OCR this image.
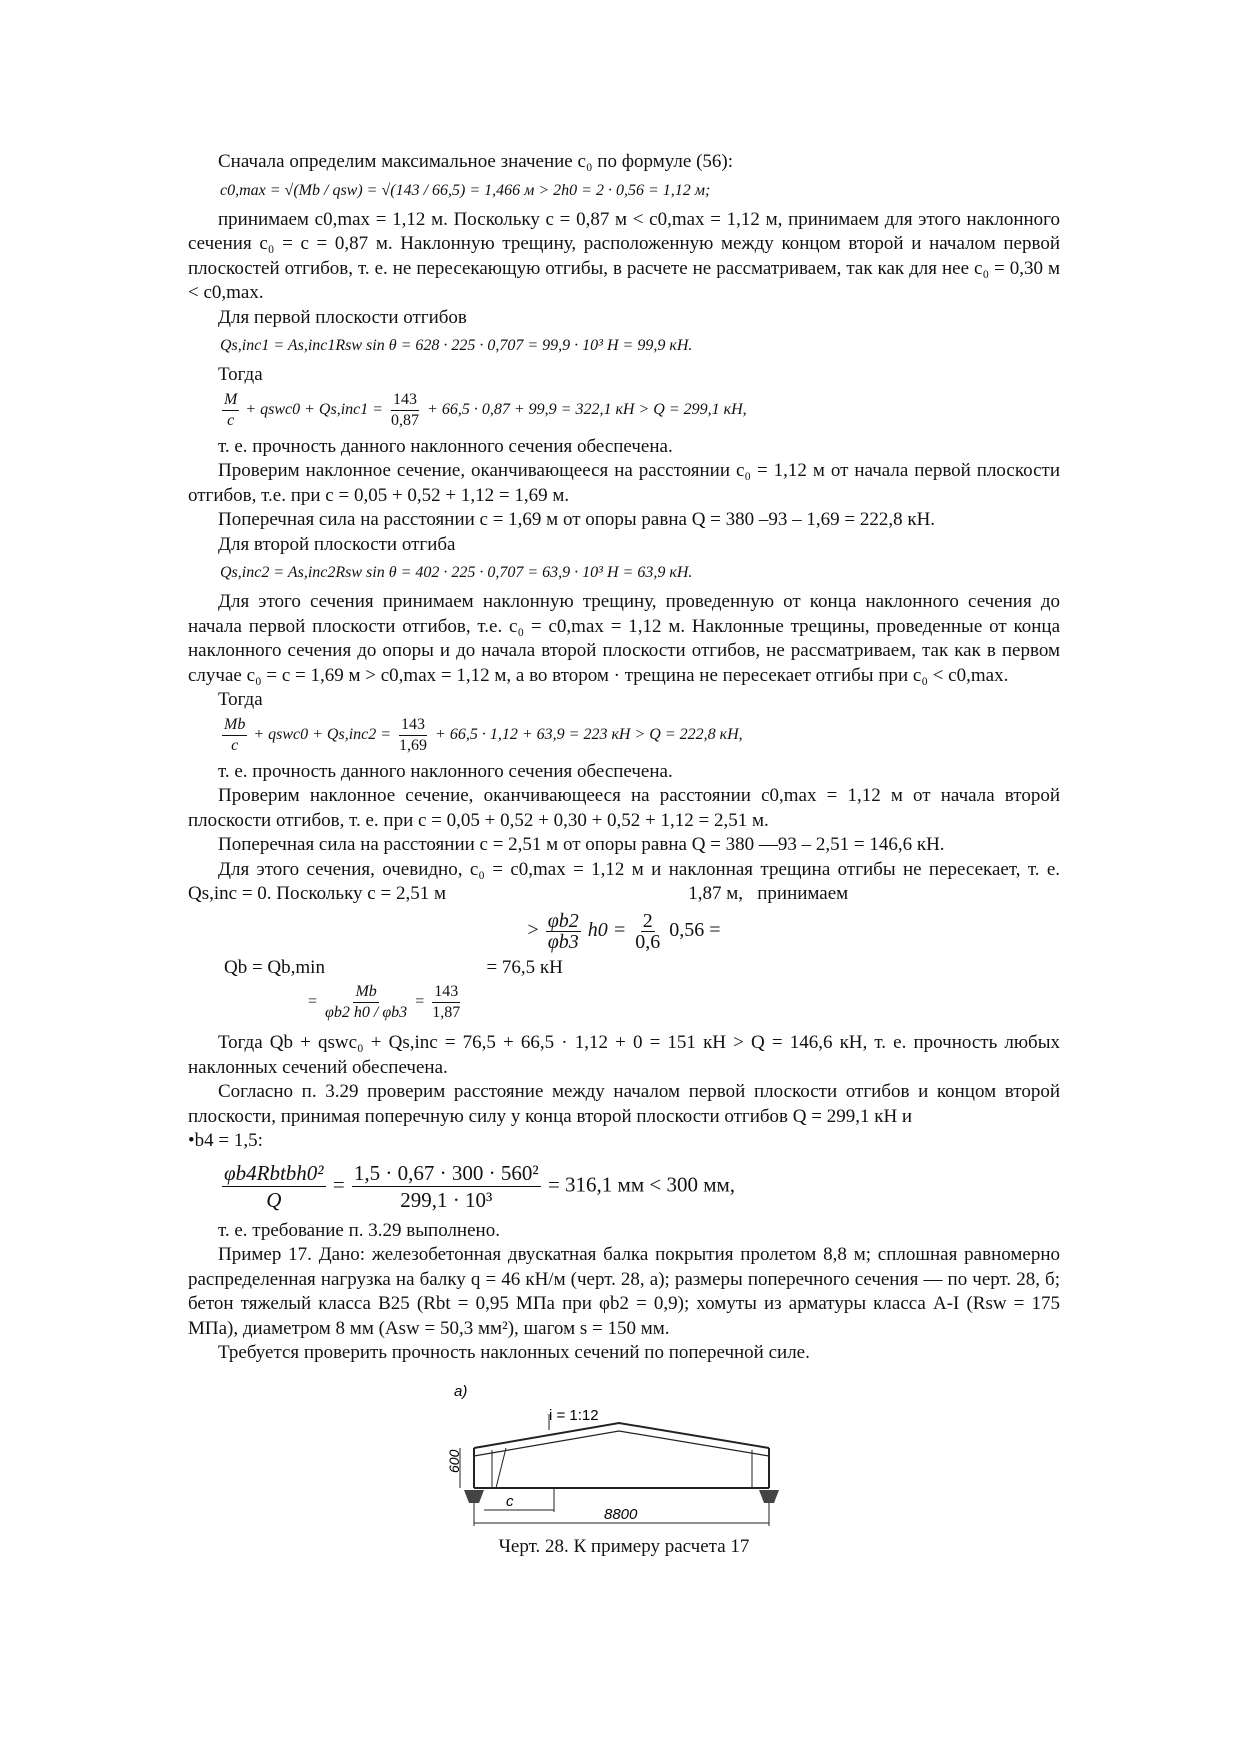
Сначала определим максимальное значение c₀ по формуле (56):

c0,max = √(Mb / qsw) = √(143 / 66,5) = 1,466 м > 2h0 = 2 · 0,56 = 1,12 м;

принимаем c0,max = 1,12 м. Поскольку c = 0,87 м < c0,max = 1,12 м, принимаем для этого наклонного сечения c₀ = c = 0,87 м. Наклонную трещину, расположенную между концом второй и началом первой плоскостей отгибов, т. е. не пересекающую отгибы, в расчете не рассматриваем, так как для нее c₀ = 0,30 м < c0,max.

Для первой плоскости отгибов

Qs,inc1 = As,inc1Rsw sin θ = 628 · 225 · 0,707 = 99,9 · 10³ Н = 99,9 кН.

Тогда

$\frac{M}{c}$ + qswc0 + $Qs,inc1 = \frac{143}{0,87} + 66,5 \cdot 0,87 + 99,9 = 322,1$ кН > Q = 299,1 кН,

т. е. прочность данного наклонного сечения обеспечена.

Проверим наклонное сечение, оканчивающееся на расстоянии c₀ = 1,12 м от начала первой плоскости отгибов, т.е. при c = 0,05 + 0,52 + 1,12 = 1,69 м.

Поперечная сила на расстоянии c = 1,69 м от опоры равна Q = 380 –93 – 1,69 = 222,8 кН.

Для второй плоскости отгиба

Qs,inc2 = As,inc2Rsw sin θ = 402 · 225 · 0,707 = 63,9 · 10³ Н = 63,9 кН.

Для этого сечения принимаем наклонную трещину, проведенную от конца наклонного сечения до начала первой плоскости отгибов, т.е. c₀ = c0,max = 1,12 м. Наклонные трещины, проведенные от конца наклонного сечения до опоры и до начала второй плоскости отгибов, не рассматриваем, так как в первом случае c₀ = c = 1,69 м > c0,max = 1,12 м, а во втором · трещина не пересекает отгибы при c₀ < c0,max.

Тогда

$\frac{Mb}{c}$ + qswc0 + $Qs,inc2 = \frac{143}{1,69} + 66,5 \cdot 1,12 + 63,9 = 223$ кН > Q = 222,8 кН,

т. е. прочность данного наклонного сечения обеспечена.

Проверим наклонное сечение, оканчивающееся на расстоянии c0,max = 1,12 м от начала второй плоскости отгибов, т. е. при c = 0,05 + 0,52 + 0,30 + 0,52 + 1,12 = 2,51 м.

Поперечная сила на расстоянии c = 2,51 м от опоры равна Q = 380 —93 – 2,51 = 146,6 кН.

Для этого сечения, очевидно, c₀ = c0,max = 1,12 м и наклонная трещина отгибы не пересекает, т. е. Qs,inc = 0. Поскольку c = 2,51 м                                                   1,87 м,   принимаем

> $\frac{\varphi b2}{\varphi b3} h0 = \frac{2}{0,6} 0,56$ =
Qb = Qb,min                                  = 76,5 кН
= $\frac{Mb}{\varphi b2 h0 / \varphi b3} = \frac{143}{1,87}$

Тогда Qb + qswc₀ + Qs,inc = 76,5 + 66,5 · 1,12 + 0 = 151 кН > Q = 146,6 кН, т. е. прочность любых наклонных сечений обеспечена.

Согласно п. 3.29 проверим расстояние между началом первой плоскости отгибов и концом второй плоскости, принимая поперечную силу у конца второй плоскости отгибов Q = 299,1 кН и

•b4 = 1,5:

φb4Rbtbh0²
Q
= $\frac{\text{1,5 · 0,67 · 300 · 560²}}{\text{299,1 · 10³}} = 316,1$ мм < 300 мм,

т. е. требование п. 3.29 выполнено.

Пример 17. Дано: железобетонная двускатная балка покрытия пролетом 8,8 м; сплошная равномерно распределенная нагрузка на балку q = 46 кН/м (черт. 28, а); размеры поперечного сечения — по черт. 28, б; бетон тяжелый класса В25 (Rbt = 0,95 МПа при φb2 = 0,9); хомуты из арматуры класса А-I (Rsw = 175 МПа), диаметром 8 мм (Asw = 50,3 мм²), шагом s = 150 мм.

Требуется проверить прочность наклонных сечений по поперечной силе.

а)
i = 1:12
600
c
8800
Черт. 28. К примеру расчета 17
